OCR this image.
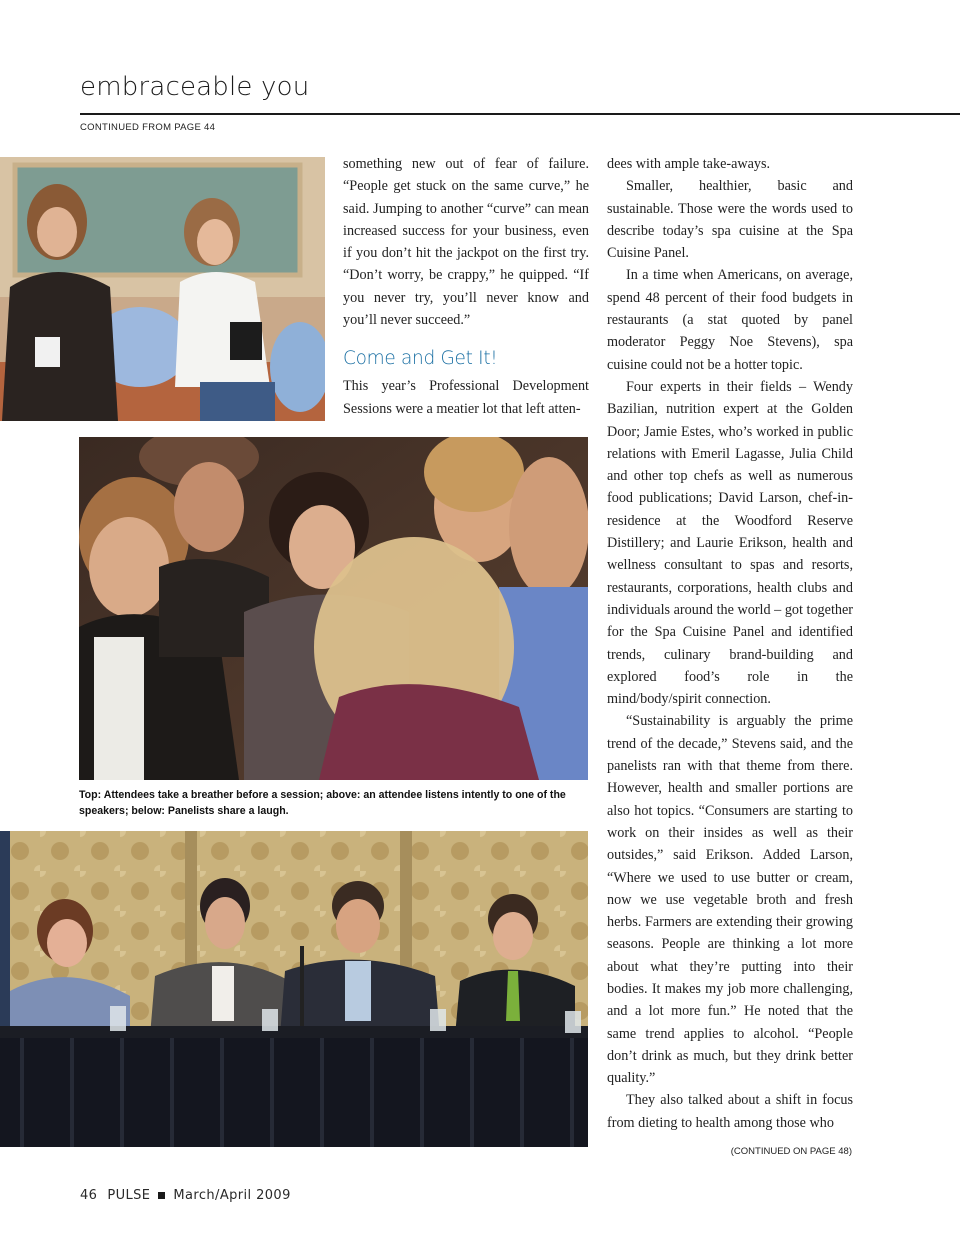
embraceable you
CONTINUED FROM PAGE 44
Top: Attendees take a breather before a session; above: an attendee listens intently to one of the speakers; below: Panelists share a laugh.

something new out of fear of failure. “People get stuck on the same curve,” he said. Jumping to another “curve” can mean increased success for your business, even if you don’t hit the jackpot on the first try. “Don’t worry, be crappy,” he quipped. “If you never try, you’ll never know and you’ll never succeed.”

Come and Get It!

This year’s Professional Development Sessions were a meatier lot that left atten-

dees with ample take-aways.

Smaller, healthier, basic and sustainable. Those were the words used to describe today’s spa cuisine at the Spa Cuisine Panel.

In a time when Americans, on average, spend 48 percent of their food budgets in restaurants (a stat quoted by panel moderator Peggy Noe Stevens), spa cuisine could not be a hotter topic.

Four experts in their fields – Wendy Bazilian, nutrition expert at the Golden Door; Jamie Estes, who’s worked in public relations with Emeril Lagasse, Julia Child and other top chefs as well as numerous food publications; David Larson, chef-in-residence at the Woodford Reserve Distillery; and Laurie Erikson, health and wellness consultant to spas and resorts, restaurants, corporations, health clubs and individuals around the world – got together for the Spa Cuisine Panel and identified trends, culinary brand-building and explored food’s role in the mind/body/spirit connection.

“Sustainability is arguably the prime trend of the decade,” Stevens said, and the panelists ran with that theme from there. However, health and smaller portions are also hot topics. “Consumers are starting to work on their insides as well as their outsides,” said Erikson. Added Larson, “Where we used to use butter or cream, now we use vegetable broth and fresh herbs. Farmers are extending their growing seasons. People are thinking a lot more about what they’re putting into their bodies. It makes my job more challenging, and a lot more fun.” He noted that the same trend applies to alcohol. “People don’t drink as much, but they drink better quality.”

They also talked about a shift in focus from dieting to health among those who

(CONTINUED ON PAGE 48)
46 PULSE March/April 2009
